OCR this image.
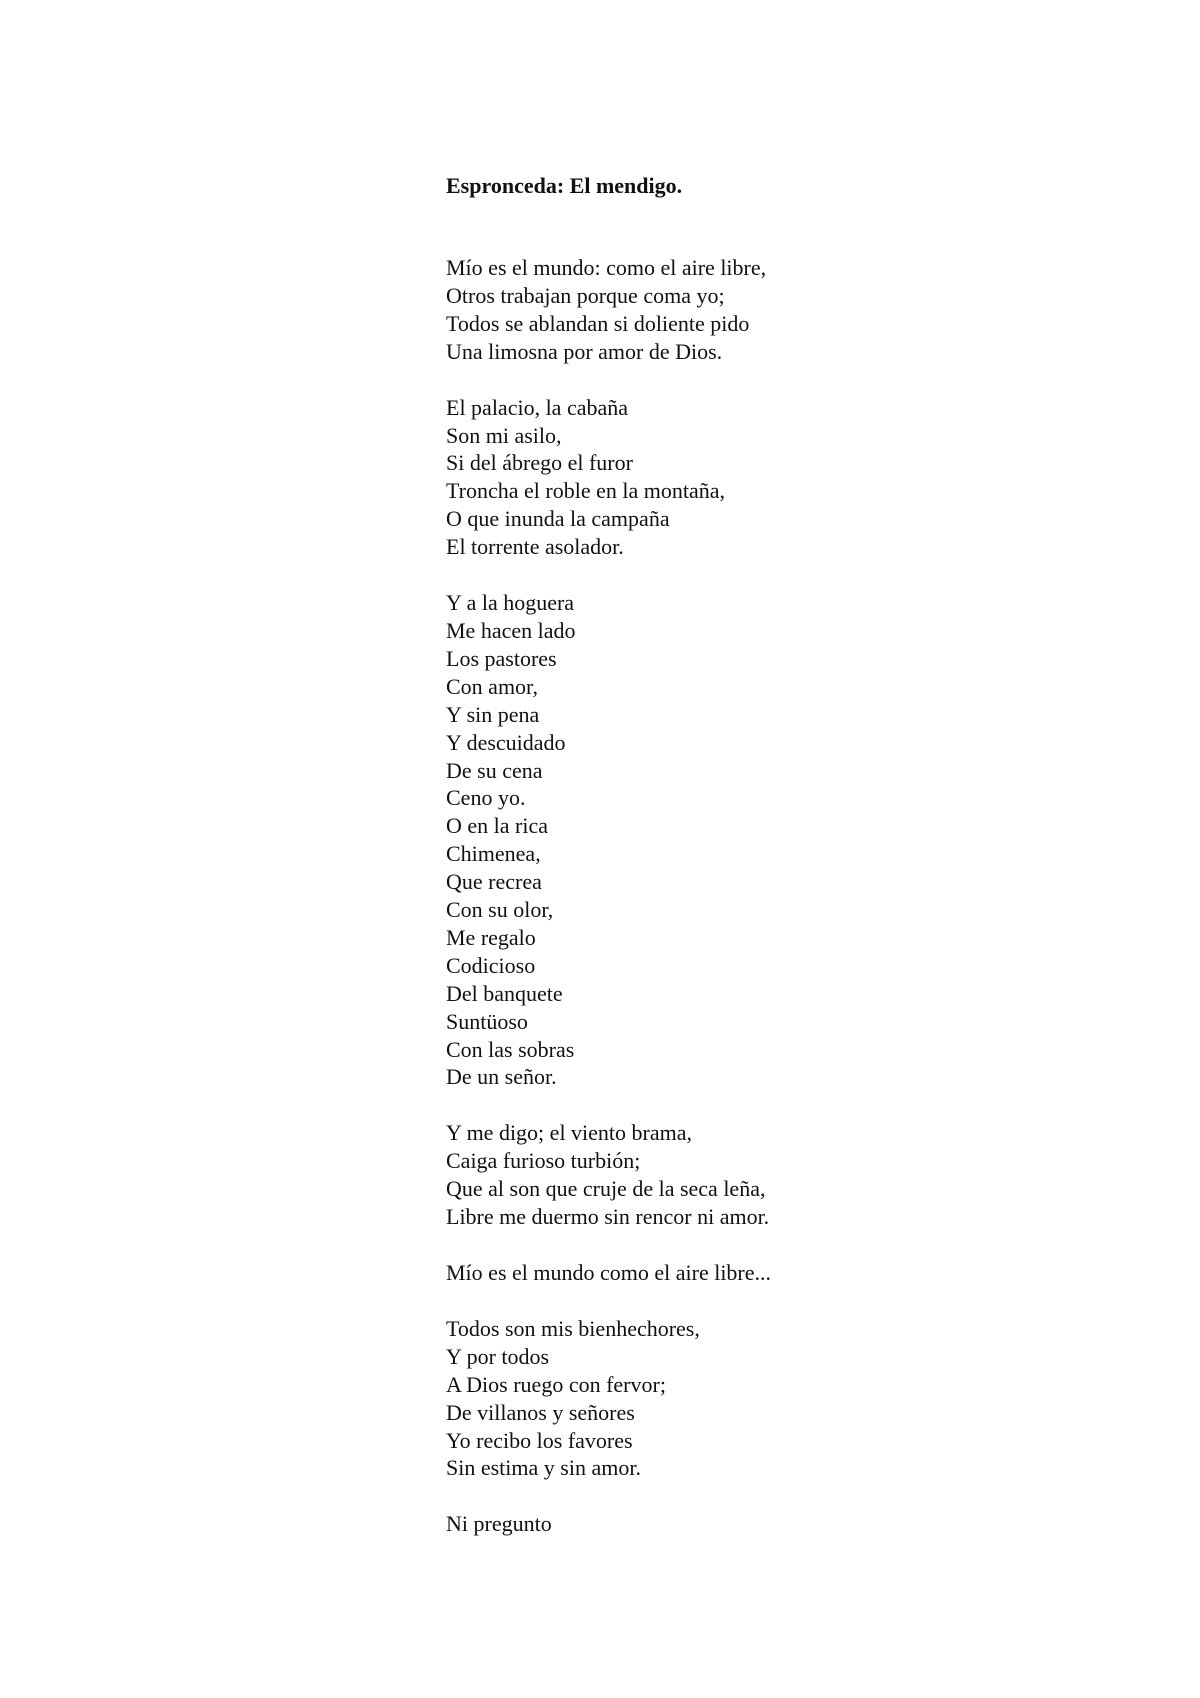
Espronceda: El mendigo.
Mío es el mundo: como el aire libre,
Otros trabajan porque coma yo;
Todos se ablandan si doliente pido
Una limosna por amor de Dios.
El palacio, la cabaña
Son mi asilo,
Si del ábrego el furor
Troncha el roble en la montaña,
O que inunda la campaña
El torrente asolador.
Y a la hoguera
Me hacen lado
Los pastores
Con amor,
Y sin pena
Y descuidado
De su cena
Ceno yo.
O en la rica
Chimenea,
Que recrea
Con su olor,
Me regalo
Codicioso
Del banquete
Suntüoso
Con las sobras
De un señor.
Y me digo; el viento brama,
Caiga furioso turbión;
Que al son que cruje de la seca leña,
Libre me duermo sin rencor ni amor.
Mío es el mundo como el aire libre...
Todos son mis bienhechores,
Y por todos
A Dios ruego con fervor;
De villanos y señores
Yo recibo los favores
Sin estima y sin amor.
Ni pregunto
